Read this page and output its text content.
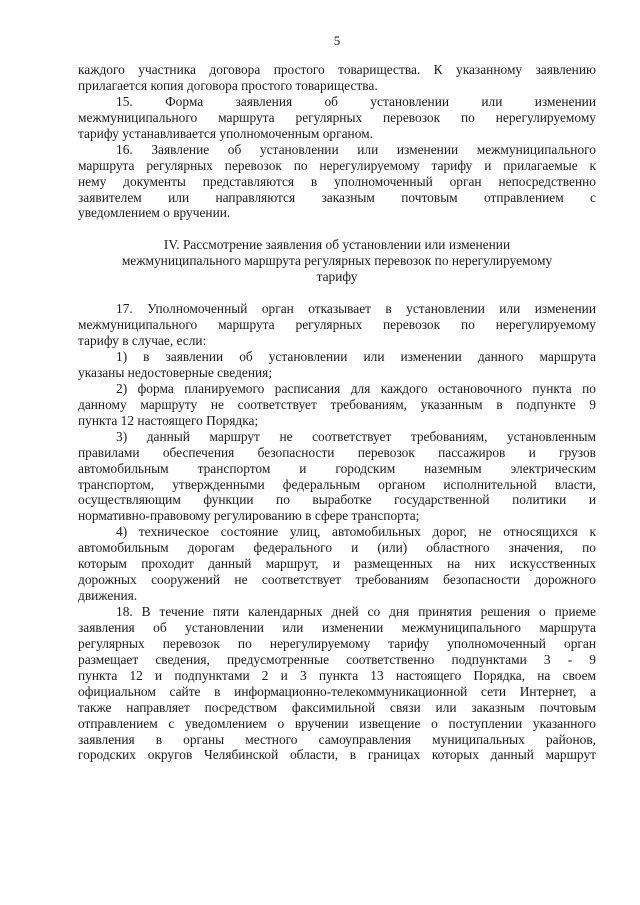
5
каждого участника договора простого товарищества. К указанному заявлению
прилагается копия договора простого товарищества.
15. Форма заявления об установлении или изменении
межмуниципального маршрута регулярных перевозок по нерегулируемому
тарифу устанавливается уполномоченным органом.
16. Заявление об установлении или изменении межмуниципального
маршрута регулярных перевозок по нерегулируемому тарифу и прилагаемые к
нему документы представляются в уполномоченный орган непосредственно
заявителем или направляются заказным почтовым отправлением с
уведомлением о вручении.
IV. Рассмотрение заявления об установлении или изменении
межмуниципального маршрута регулярных перевозок по нерегулируемому
тарифу
17. Уполномоченный орган отказывает в установлении или изменении
межмуниципального маршрута регулярных перевозок по нерегулируемому
тарифу в случае, если:
1) в заявлении об установлении или изменении данного маршрута
указаны недостоверные сведения;
2) форма планируемого расписания для каждого остановочного пункта по
данному маршруту не соответствует требованиям, указанным в подпункте 9
пункта 12 настоящего Порядка;
3) данный маршрут не соответствует требованиям, установленным
правилами обеспечения безопасности перевозок пассажиров и грузов
автомобильным транспортом и городским наземным электрическим
транспортом, утвержденными федеральным органом исполнительной власти,
осуществляющим функции по выработке государственной политики и
нормативно-правовому регулированию в сфере транспорта;
4) техническое состояние улиц, автомобильных дорог, не относящихся к
автомобильным дорогам федерального и (или) областного значения, по
которым проходит данный маршрут, и размещенных на них искусственных
дорожных сооружений не соответствует требованиям безопасности дорожного
движения.
18. В течение пяти календарных дней со дня принятия решения о приеме
заявления об установлении или изменении межмуниципального маршрута
регулярных перевозок по нерегулируемому тарифу уполномоченный орган
размещает сведения, предусмотренные соответственно подпунктами 3 - 9
пункта 12 и подпунктами 2 и 3 пункта 13 настоящего Порядка, на своем
официальном сайте в информационно-телекоммуникационной сети Интернет, а
также направляет посредством факсимильной связи или заказным почтовым
отправлением с уведомлением о вручении извещение о поступлении указанного
заявления в органы местного самоуправления муниципальных районов,
городских округов Челябинской области, в границах которых данный маршрут
